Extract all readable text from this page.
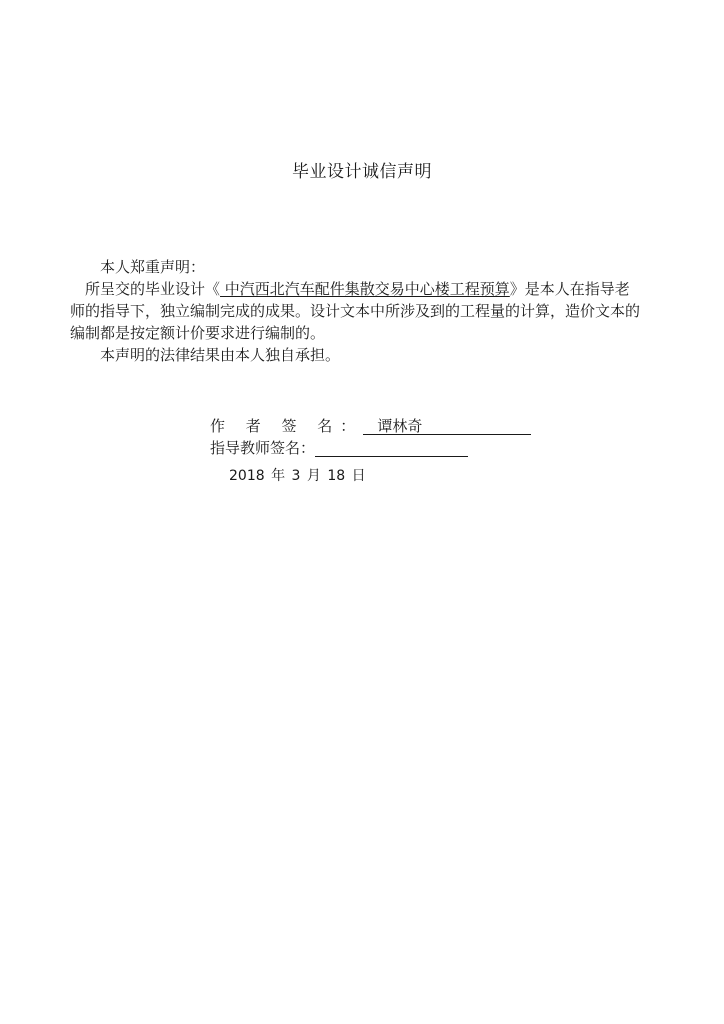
毕业设计诚信声明

本人郑重声明：

所呈交的毕业设计《 中汽西北汽车配件集散交易中心楼工程预算》是本人在指导老师的指导下，独立编制完成的成果。设计文本中所涉及到的工程量的计算，造价文本的编制都是按定额计价要求进行编制的。

本声明的法律结果由本人独自承担。

作 者 签 名： 谭林奇
指导教师签名：
2018 年 3 月 18 日
